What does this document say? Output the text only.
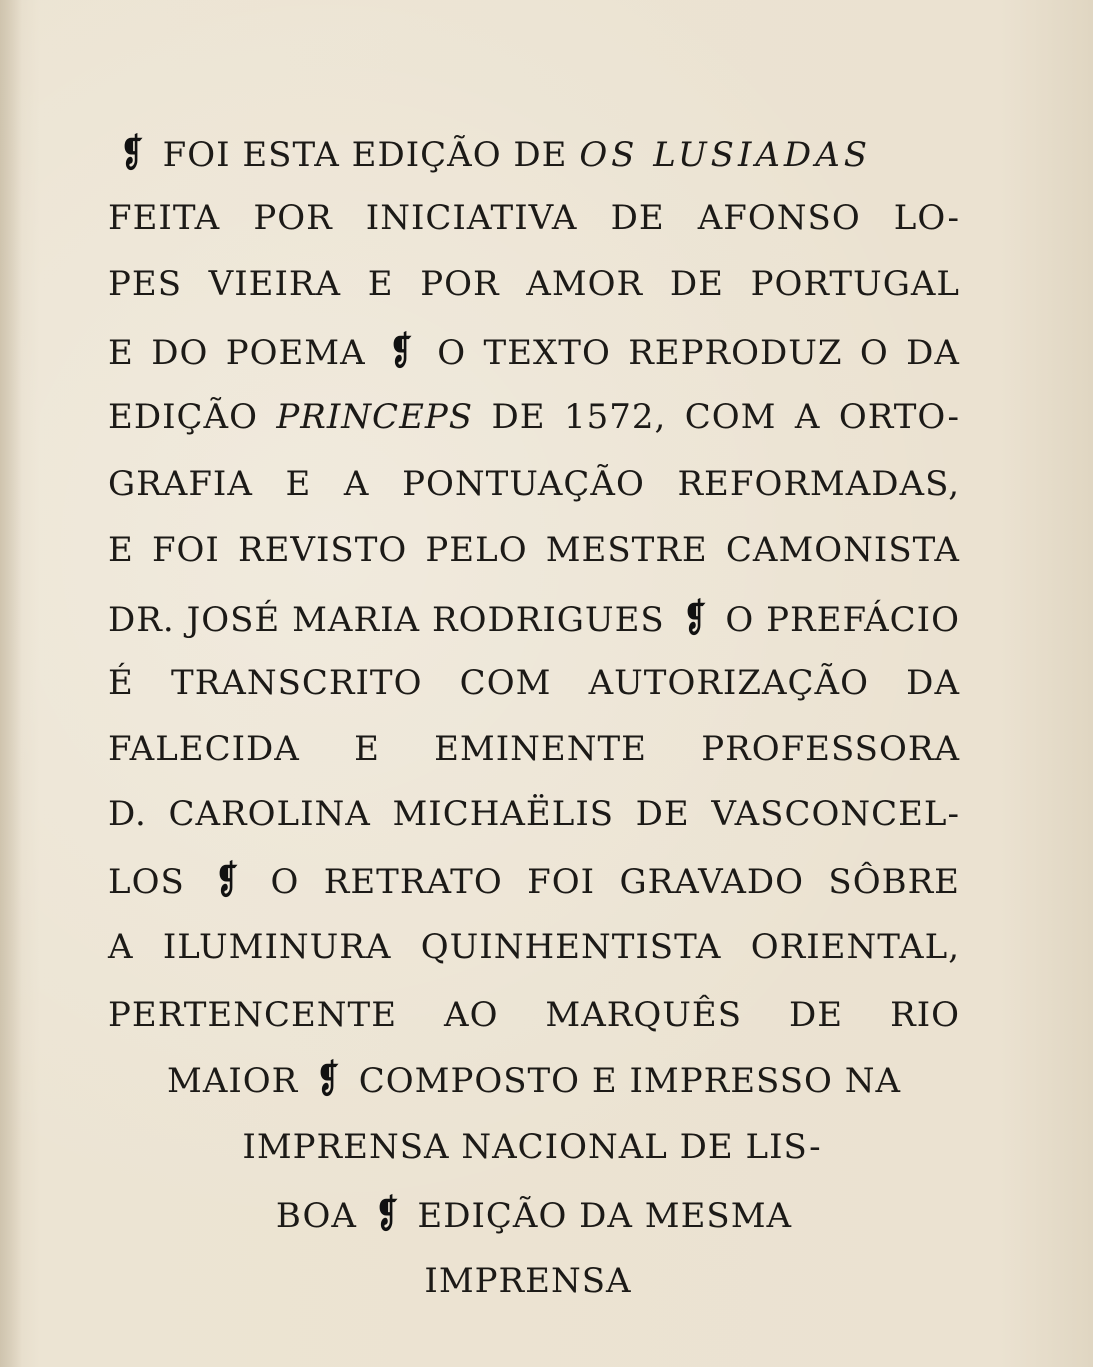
❡ FOI ESTA EDIÇÃO DE OS LUSIADAS
FEITA POR INICIATIVA DE AFONSO LO-
PES VIEIRA E POR AMOR DE PORTUGAL
E DO POEMA ❡ O TEXTO REPRODUZ O DA
EDIÇÃO PRINCEPS DE 1572, COM A ORTO-
GRAFIA E A PONTUAÇÃO REFORMADAS,
E FOI REVISTO PELO MESTRE CAMONISTA
DR. JOSÉ MARIA RODRIGUES ❡ O PREFÁCIO
É TRANSCRITO COM AUTORIZAÇÃO DA
FALECIDA E EMINENTE PROFESSORA
D. CAROLINA MICHAËLIS DE VASCONCEL-
LOS ❡ O RETRATO FOI GRAVADO SÔBRE
A ILUMINURA QUINHENTISTA ORIENTAL,
PERTENCENTE AO MARQUÊS DE RIO
MAIOR ❡ COMPOSTO E IMPRESSO NA
IMPRENSA NACIONAL DE LIS-
BOA ❡ EDIÇÃO DA MESMA
IMPRENSA
